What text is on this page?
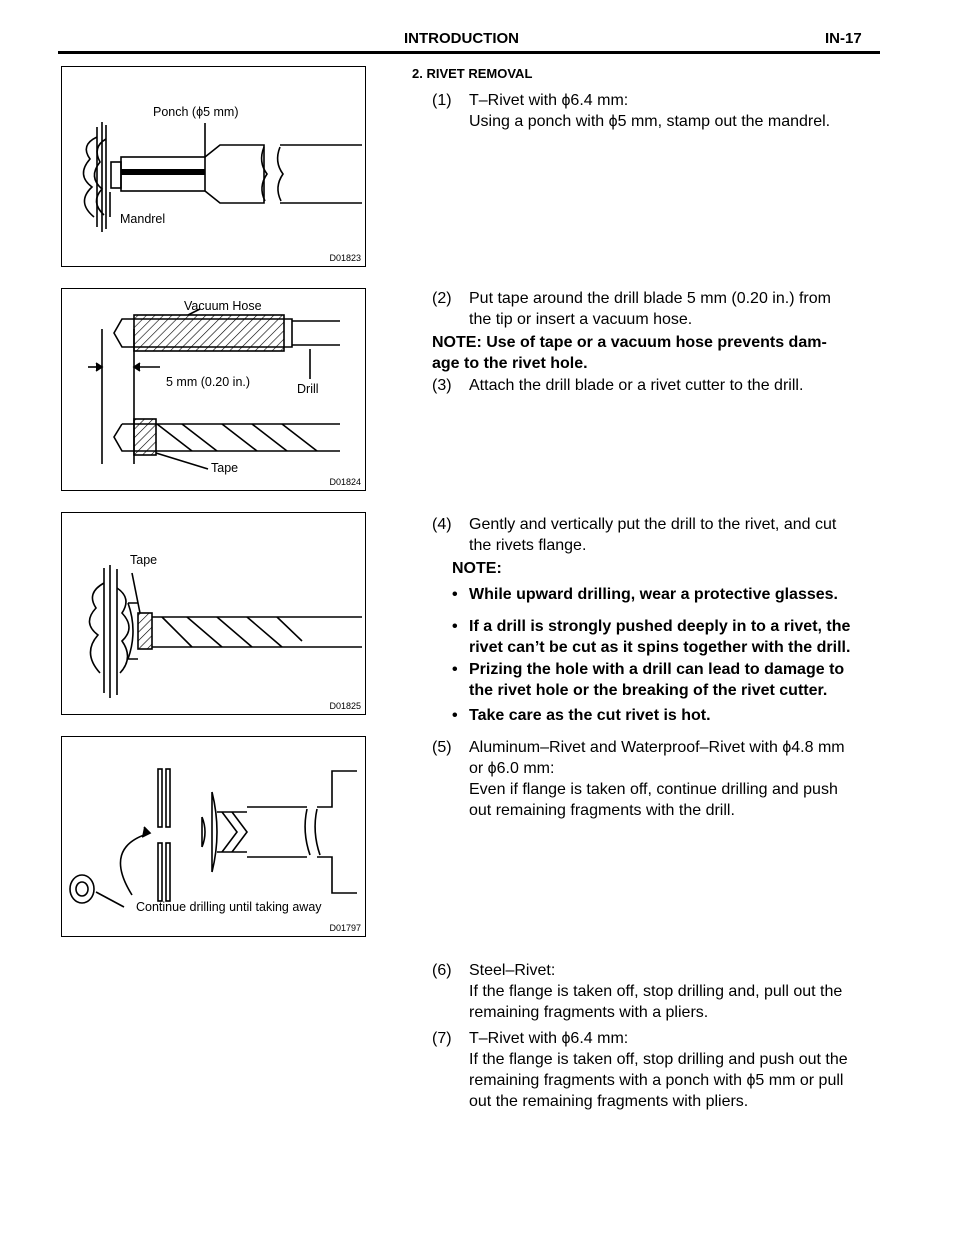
INTRODUCTION	IN-17
Ponch (ϕ5 mm)
Mandrel
D01823
Vacuum Hose
5 mm (0.20 in.)	Drill
Tape
D01824
Tape
D01825
Continue drilling until taking away
D01797
2. RIVET REMOVAL
(1) T–Rivet with ϕ6.4 mm:
Using a ponch with ϕ5 mm, stamp out the mandrel.
(2) Put tape around the drill blade 5 mm (0.20 in.) from
the tip or insert a vacuum hose.
NOTE: Use of tape or a vacuum hose prevents dam-
age to the rivet hole.
(3) Attach the drill blade or a rivet cutter to the drill.
(4) Gently and vertically put the drill to the rivet, and cut
the rivets flange.
NOTE:
• While upward drilling, wear a protective glasses.
• If a drill is strongly pushed deeply in to a rivet, the
rivet can’t be cut as it spins together with the drill.
• Prizing the hole with a drill can lead to damage to
the rivet hole or the breaking of the rivet cutter.
• Take care as the cut rivet is hot.
(5) Aluminum–Rivet and Waterproof–Rivet with ϕ4.8 mm
or ϕ6.0 mm:
Even if flange is taken off, continue drilling and push
out remaining fragments with the drill.
(6) Steel–Rivet:
If the flange is taken off, stop drilling and, pull out the
remaining fragments with a pliers.
(7) T–Rivet with ϕ6.4 mm:
If the flange is taken off, stop drilling and push out the
remaining fragments with a ponch with ϕ5 mm or pull
out the remaining fragments with pliers.
